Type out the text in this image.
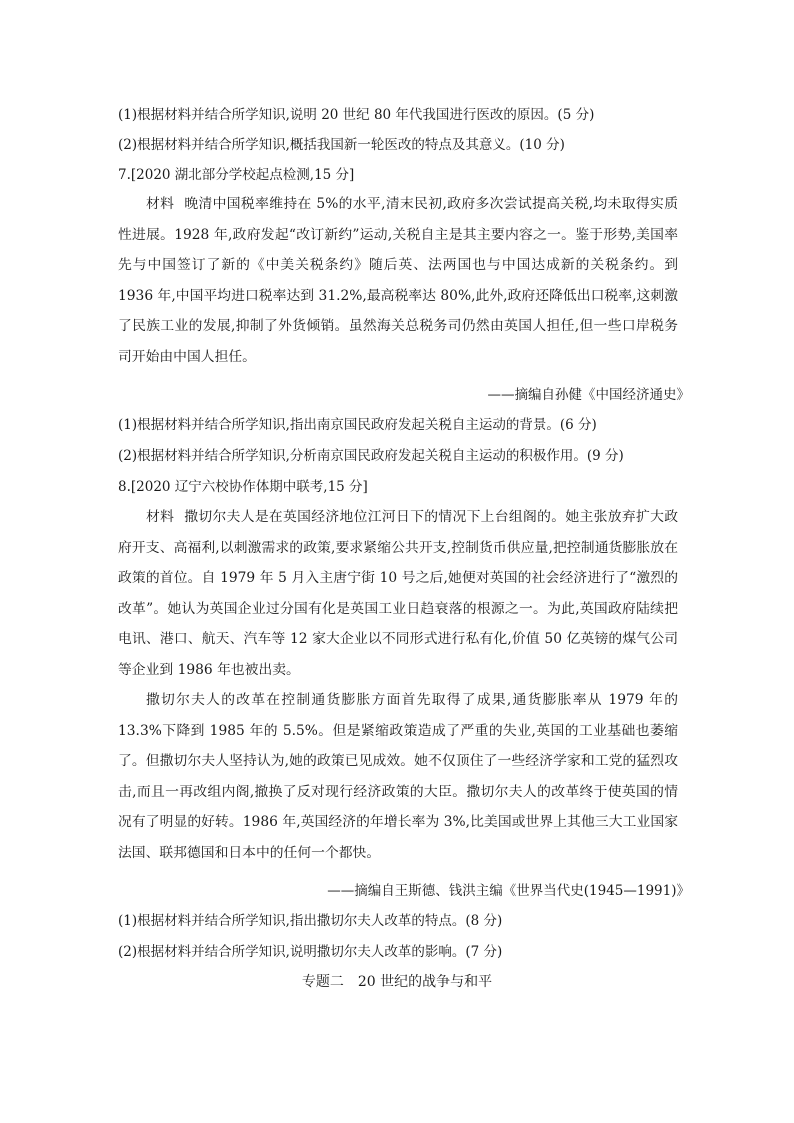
(1)根据材料并结合所学知识,说明 20 世纪 80 年代我国进行医改的原因。(5 分)
(2)根据材料并结合所学知识,概括我国新一轮医改的特点及其意义。(10 分)
7.[2020 湖北部分学校起点检测,15 分]

材料 晚清中国税率维持在 5%的水平,清末民初,政府多次尝试提高关税,均未取得实质性进展。1928 年,政府发起“改订新约”运动,关税自主是其主要内容之一。鉴于形势,美国率先与中国签订了新的《中美关税条约》随后英、法两国也与中国达成新的关税条约。到 1936 年,中国平均进口税率达到 31.2%,最高税率达 80%,此外,政府还降低出口税率,这刺激了民族工业的发展,抑制了外货倾销。虽然海关总税务司仍然由英国人担任,但一些口岸税务司开始由中国人担任。

——摘编自孙健《中国经济通史》
(1)根据材料并结合所学知识,指出南京国民政府发起关税自主运动的背景。(6 分)
(2)根据材料并结合所学知识,分析南京国民政府发起关税自主运动的积极作用。(9 分)
8.[2020 辽宁六校协作体期中联考,15 分]

材料 撒切尔夫人是在英国经济地位江河日下的情况下上台组阁的。她主张放弃扩大政府开支、高福利,以刺激需求的政策,要求紧缩公共开支,控制货币供应量,把控制通货膨胀放在政策的首位。自 1979 年 5 月入主唐宁街 10 号之后,她便对英国的社会经济进行了“激烈的改革”。她认为英国企业过分国有化是英国工业日趋衰落的根源之一。为此,英国政府陆续把电讯、港口、航天、汽车等 12 家大企业以不同形式进行私有化,价值 50 亿英镑的煤气公司等企业到 1986 年也被出卖。

撒切尔夫人的改革在控制通货膨胀方面首先取得了成果,通货膨胀率从 1979 年的 13.3%下降到 1985 年的 5.5%。但是紧缩政策造成了严重的失业,英国的工业基础也萎缩了。但撒切尔夫人坚持认为,她的政策已见成效。她不仅顶住了一些经济学家和工党的猛烈攻击,而且一再改组内阁,撤换了反对现行经济政策的大臣。撒切尔夫人的改革终于使英国的情况有了明显的好转。1986 年,英国经济的年增长率为 3%,比美国或世界上其他三大工业国家法国、联邦德国和日本中的任何一个都快。

——摘编自王斯德、钱洪主编《世界当代史(1945—1991)》
(1)根据材料并结合所学知识,指出撒切尔夫人改革的特点。(8 分)
(2)根据材料并结合所学知识,说明撒切尔夫人改革的影响。(7 分)
专题二　20 世纪的战争与和平
